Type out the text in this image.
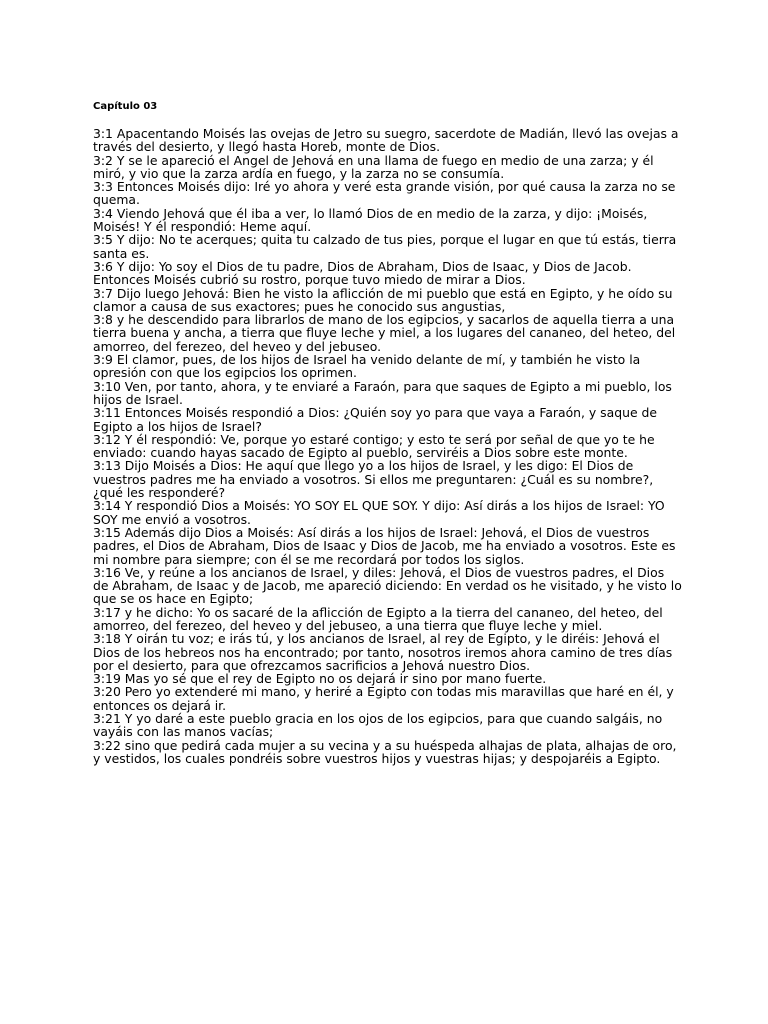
Capítulo 03

3:1 Apacentando Moisés las ovejas de Jetro su suegro, sacerdote de Madián, llevó las ovejas a través del desierto, y llegó hasta Horeb, monte de Dios.

3:2 Y se le apareció el Angel de Jehová en una llama de fuego en medio de una zarza; y él miró, y vio que la zarza ardía en fuego, y la zarza no se consumía.

3:3 Entonces Moisés dijo: Iré yo ahora y veré esta grande visión, por qué causa la zarza no se quema.

3:4 Viendo Jehová que él iba a ver, lo llamó Dios de en medio de la zarza, y dijo: ¡Moisés, Moisés! Y él respondió: Heme aquí.

3:5 Y dijo: No te acerques; quita tu calzado de tus pies, porque el lugar en que tú estás, tierra santa es.

3:6 Y dijo: Yo soy el Dios de tu padre, Dios de Abraham, Dios de Isaac, y Dios de Jacob. Entonces Moisés cubrió su rostro, porque tuvo miedo de mirar a Dios.

3:7 Dijo luego Jehová: Bien he visto la aflicción de mi pueblo que está en Egipto, y he oído su clamor a causa de sus exactores; pues he conocido sus angustias,

3:8 y he descendido para librarlos de mano de los egipcios, y sacarlos de aquella tierra a una tierra buena y ancha, a tierra que fluye leche y miel, a los lugares del cananeo, del heteo, del amorreo, del ferezeo, del heveo y del jebuseo.

3:9 El clamor, pues, de los hijos de Israel ha venido delante de mí, y también he visto la opresión con que los egipcios los oprimen.

3:10 Ven, por tanto, ahora, y te enviaré a Faraón, para que saques de Egipto a mi pueblo, los hijos de Israel.

3:11 Entonces Moisés respondió a Dios: ¿Quién soy yo para que vaya a Faraón, y saque de Egipto a los hijos de Israel?

3:12 Y él respondió: Ve, porque yo estaré contigo; y esto te será por señal de que yo te he enviado: cuando hayas sacado de Egipto al pueblo, serviréis a Dios sobre este monte.

3:13 Dijo Moisés a Dios: He aquí que llego yo a los hijos de Israel, y les digo: El Dios de vuestros padres me ha enviado a vosotros. Si ellos me preguntaren: ¿Cuál es su nombre?, ¿qué les responderé?

3:14 Y respondió Dios a Moisés: YO SOY EL QUE SOY. Y dijo: Así dirás a los hijos de Israel: YO SOY me envió a vosotros.

3:15 Además dijo Dios a Moisés: Así dirás a los hijos de Israel: Jehová, el Dios de vuestros padres, el Dios de Abraham, Dios de Isaac y Dios de Jacob, me ha enviado a vosotros. Este es mi nombre para siempre; con él se me recordará por todos los siglos.

3:16 Ve, y reúne a los ancianos de Israel, y diles: Jehová, el Dios de vuestros padres, el Dios de Abraham, de Isaac y de Jacob, me apareció diciendo: En verdad os he visitado, y he visto lo que se os hace en Egipto;

3:17 y he dicho: Yo os sacaré de la aflicción de Egipto a la tierra del cananeo, del heteo, del amorreo, del ferezeo, del heveo y del jebuseo, a una tierra que fluye leche y miel.

3:18 Y oirán tu voz; e irás tú, y los ancianos de Israel, al rey de Egipto, y le diréis: Jehová el Dios de los hebreos nos ha encontrado; por tanto, nosotros iremos ahora camino de tres días por el desierto, para que ofrezcamos sacrificios a Jehová nuestro Dios.

3:19 Mas yo sé que el rey de Egipto no os dejará ir sino por mano fuerte.

3:20 Pero yo extenderé mi mano, y heriré a Egipto con todas mis maravillas que haré en él, y entonces os dejará ir.

3:21 Y yo daré a este pueblo gracia en los ojos de los egipcios, para que cuando salgáis, no vayáis con las manos vacías;

3:22 sino que pedirá cada mujer a su vecina y a su huéspeda alhajas de plata, alhajas de oro, y vestidos, los cuales pondréis sobre vuestros hijos y vuestras hijas; y despojaréis a Egipto.
